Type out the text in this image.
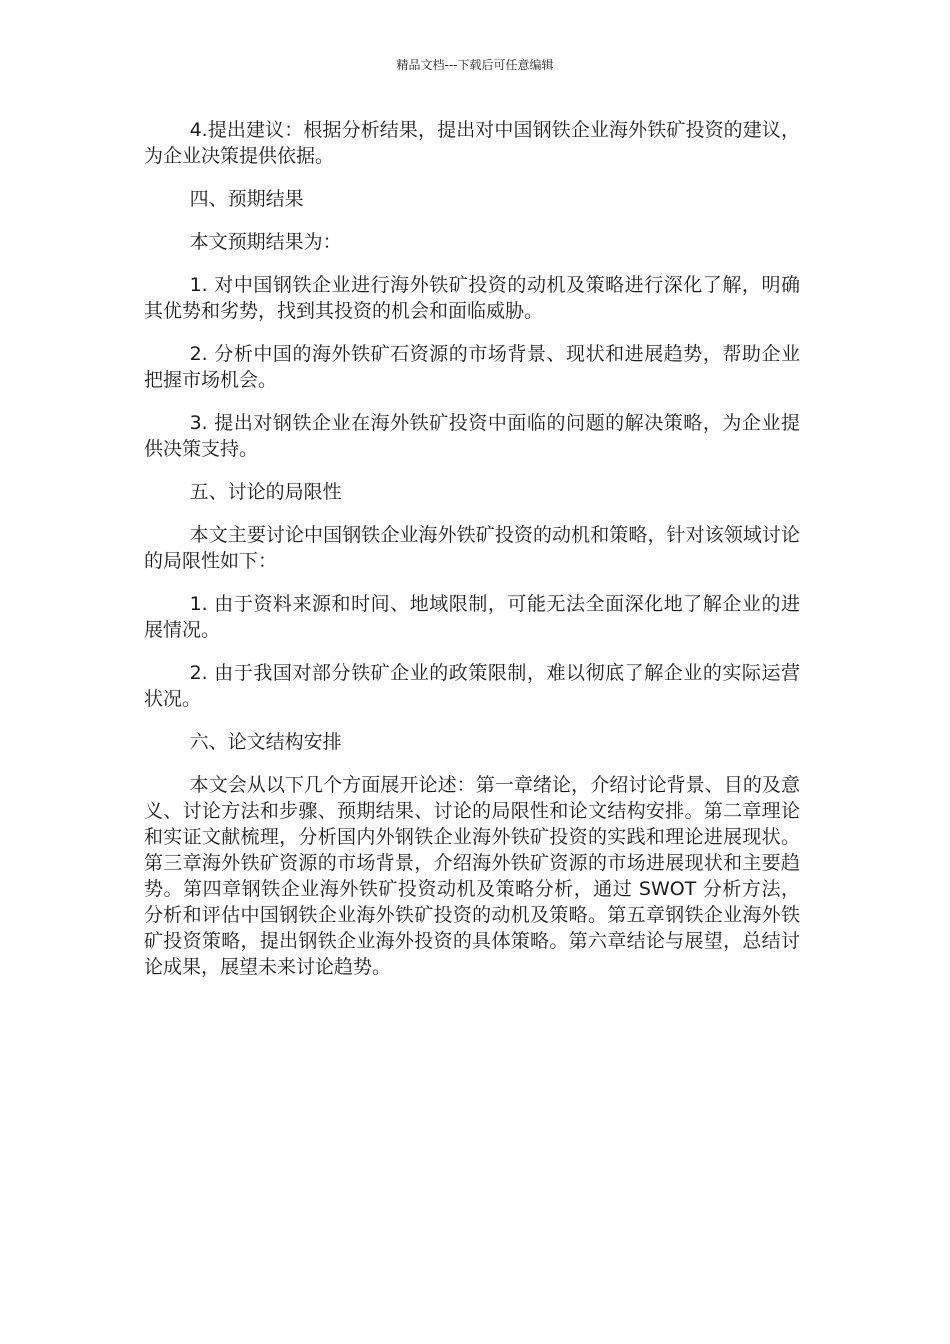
精品文档---下载后可任意编辑

4.提出建议：根据分析结果，提出对中国钢铁企业海外铁矿投资的建议，为企业决策提供依据。

四、预期结果

本文预期结果为：

1. 对中国钢铁企业进行海外铁矿投资的动机及策略进行深化了解，明确其优势和劣势，找到其投资的机会和面临威胁。

2. 分析中国的海外铁矿石资源的市场背景、现状和进展趋势，帮助企业把握市场机会。

3. 提出对钢铁企业在海外铁矿投资中面临的问题的解决策略，为企业提供决策支持。

五、讨论的局限性

本文主要讨论中国钢铁企业海外铁矿投资的动机和策略，针对该领域讨论的局限性如下：

1. 由于资料来源和时间、地域限制，可能无法全面深化地了解企业的进展情况。

2. 由于我国对部分铁矿企业的政策限制，难以彻底了解企业的实际运营状况。

六、论文结构安排

本文会从以下几个方面展开论述：第一章绪论，介绍讨论背景、目的及意义、讨论方法和步骤、预期结果、讨论的局限性和论文结构安排。第二章理论和实证文献梳理，分析国内外钢铁企业海外铁矿投资的实践和理论进展现状。第三章海外铁矿资源的市场背景，介绍海外铁矿资源的市场进展现状和主要趋势。第四章钢铁企业海外铁矿投资动机及策略分析，通过 SWOT 分析方法，分析和评估中国钢铁企业海外铁矿投资的动机及策略。第五章钢铁企业海外铁矿投资策略，提出钢铁企业海外投资的具体策略。第六章结论与展望，总结讨论成果，展望未来讨论趋势。
